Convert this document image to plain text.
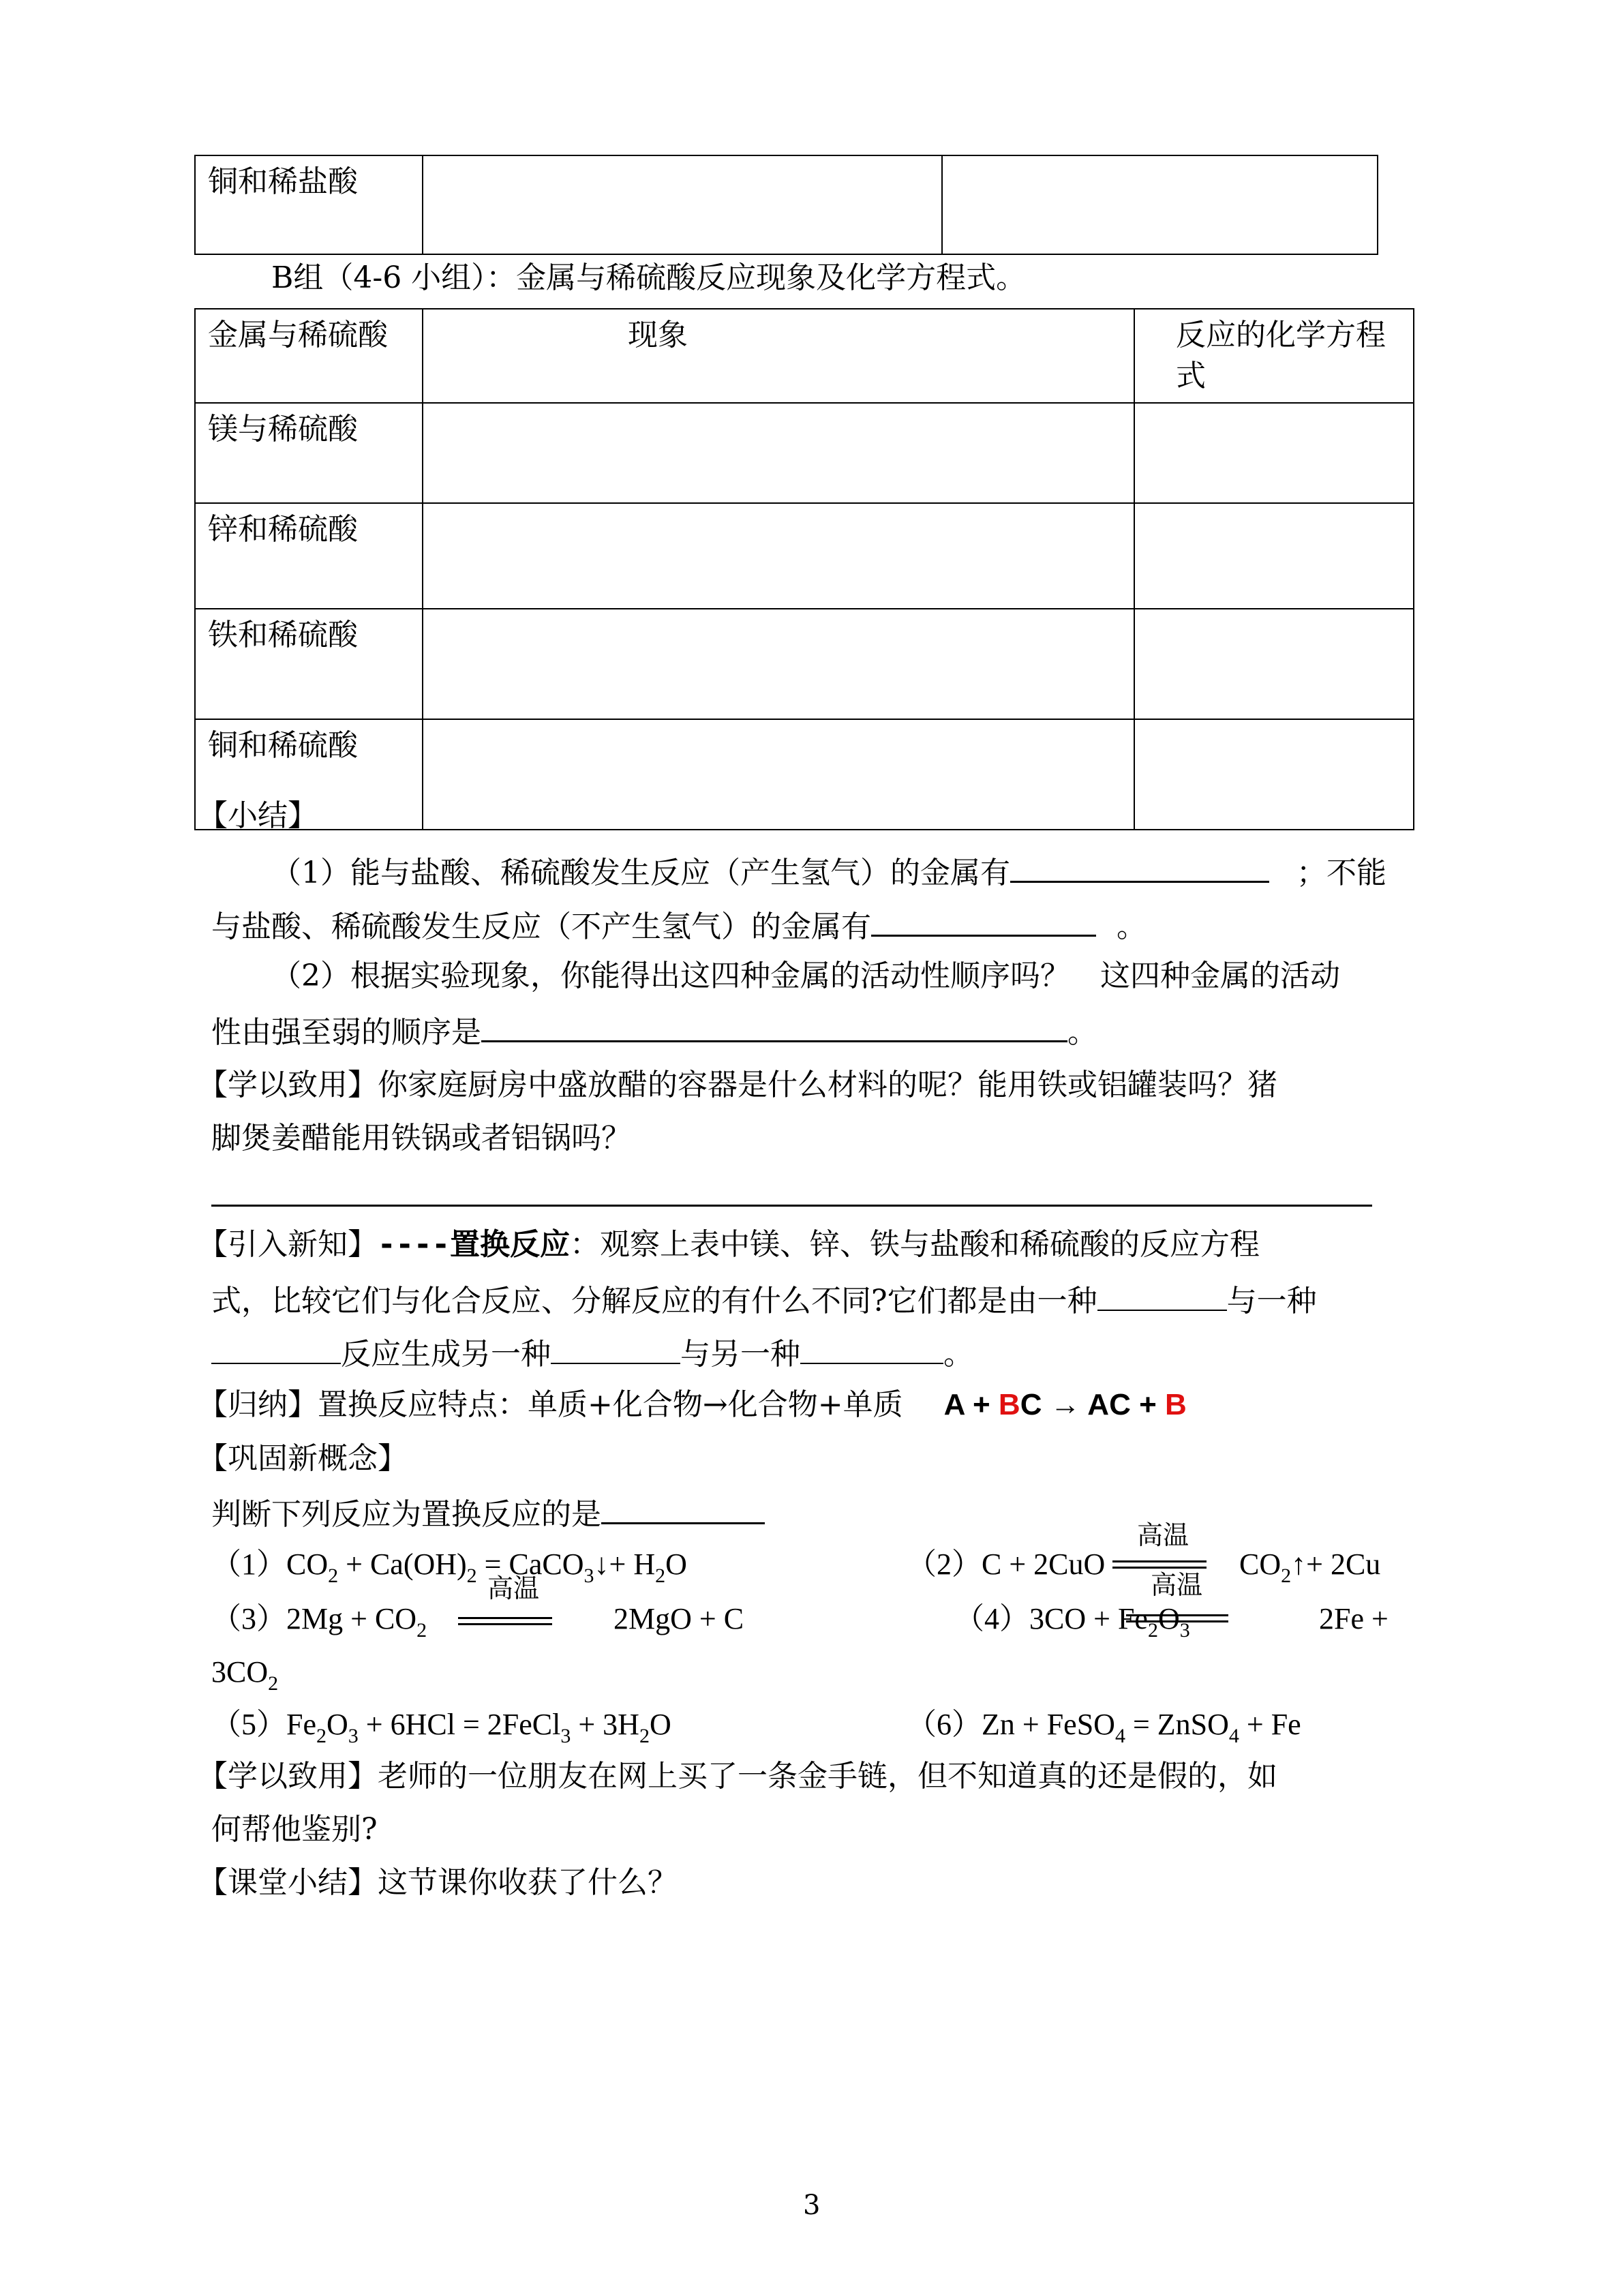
铜和稀盐酸		
B组（4-6 小组）：金属与稀硫酸反应现象及化学方程式。
金属与稀硫酸	现象	反应的化学方程式
镁与稀硫酸		
锌和稀硫酸		
铁和稀硫酸		
铜和稀硫酸		
【小结】
（1）能与盐酸、稀硫酸发生反应（产生氢气）的金属有	；不能
与盐酸、稀硫酸发生反应（不产生氢气）的金属有	。
（2）根据实验现象，你能得出这四种金属的活动性顺序吗？　这四种金属的活动
性由强至弱的顺序是	。
【学以致用】你家庭厨房中盛放醋的容器是什么材料的呢？能用铁或铝罐装吗？猪
脚煲姜醋能用铁锅或者铝锅吗？
【引入新知】----置换反应：观察上表中镁、锌、铁与盐酸和稀硫酸的反应方程
式，比较它们与化合反应、分解反应的有什么不同?它们都是由一种	与一种
反应生成另一种	与另一种	。
【归纳】置换反应特点：单质+化合物→化合物+单质 A + BC → AC + B
【巩固新概念】
判断下列反应为置换反应的是
$(1)CO_2 + Ca(OH)_2$ = CaCO$_3$↓+ $H_2O$	（2）C + 2CuO
高温
$CO_2↑+ 2Cu$
$(3)2Mg + CO_2$
高温
2MgO + C	$(4)3CO + Fe_2O_3$
高温
2Fe +
$3CO_2$
$(5)Fe_2O_3 + 6HCl$ = 2FeCl$_3$ + $3H_2O$	（6）Zn + FeSO$_4$ = ZnSO$_4$ + Fe
【学以致用】老师的一位朋友在网上买了一条金手链，但不知道真的还是假的，如
何帮他鉴别?
【课堂小结】这节课你收获了什么？
3
